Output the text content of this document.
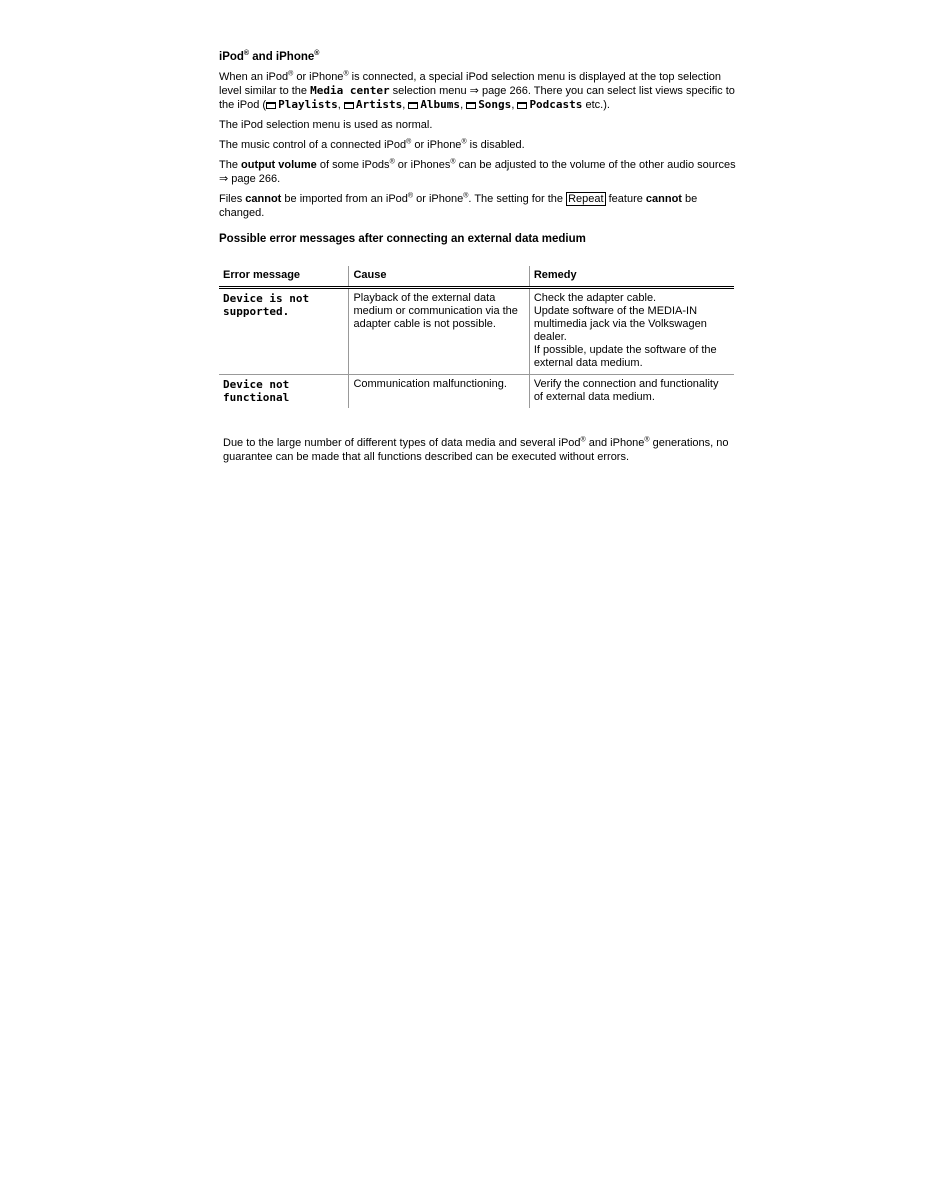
iPod® and iPhone®

When an iPod® or iPhone® is connected, a special iPod selection menu is displayed at the top selection level similar to the Media center selection menu ⇒ page 266. There you can select list views specific to the iPod ( Playlists, Artists, Albums, Songs, Podcasts etc.).

The iPod selection menu is used as normal.

The music control of a connected iPod® or iPhone® is disabled.

The output volume of some iPods® or iPhones® can be adjusted to the volume of the other audio sources ⇒ page 266.

Files cannot be imported from an iPod® or iPhone®. The setting for the Repeat feature cannot be changed.

Possible error messages after connecting an external data medium
Error message	Cause	Remedy
Device is not supported.	Playback of the external data medium or communication via the adapter cable is not possible.	Check the adapter cable.
Update software of the MEDIA-IN multimedia jack via the Volkswagen dealer.
If possible, update the software of the external data medium.

Device not functional	Communication malfunctioning.	Verify the connection and functionality of external data medium.

Due to the large number of different types of data media and several iPod® and iPhone® generations, no guarantee can be made that all functions described can be executed without errors.
